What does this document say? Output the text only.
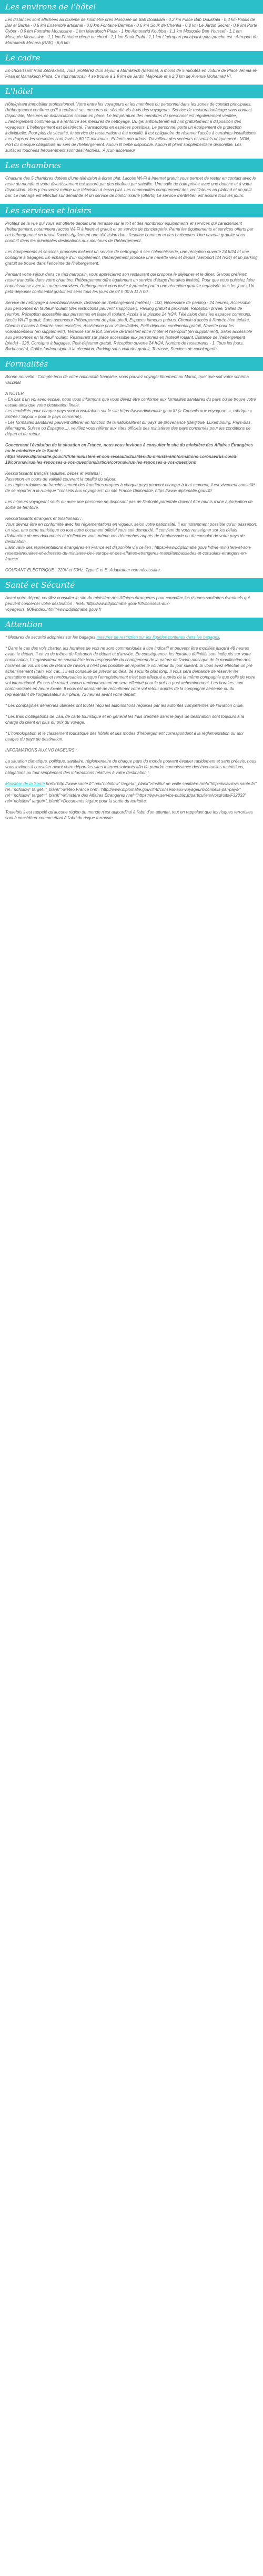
Les environs de l'hôtel

Les distances sont affichées au dixième de kilomètre près Mosquée de Bab Doukkala - 0,2 km Place Bab Doukkala - 0,3 km Palais de Dar el Bacha - 0,5 km Ensemble artisanal - 0,6 km Fontaine Berrima - 0,6 km Souk de Cherifia - 0,8 km Le Jardin Secret - 0,9 km Porte Cyber - 0,9 km Fontaine Mouassine - 1 km Marrakech Plaza - 1 km Almoravid Koubba - 1,1 km Mosquée Ben Youssef - 1,1 km Mosquée Mouassine - 1,1 km Fontaine chrob ou chouf - 1,1 km Souk Zrabi - 1,1 km L'aéroport principal le plus proche est : Aéroport de Marrakech Menara (RAK) - 6,6 km

Le cadre

En choisissant Riad Zebrakanis, vous profiterez d'un séjour à Marrakech (Médina), à moins de 5 minutes en voiture de Place Jemaa el-Fnaa et Marrakech Plaza. Ce riad marocain 4 se trouve à 1,9 km de Jardin Majorelle et à 2,3 km de Avenue Mohamed VI.

L'hôtel

Hôte/gérant immobilier professionnel. Votre entre les voyageurs et les membres du personnel dans les zones de contact principales, l'hébergement confirme qu'il a renforcé ses mesures de sécurité vis-à-vis des voyageurs. Service de restauration/étage sans contact disponible, Mesures de distanciation sociale en place, Le température des membres du personnel est régulièrement vérifiée, L'hébergement confirme qu'il a renforcé ses mesures de nettoyage, Du gel antibactérien est mis gratuitement à disposition des voyageurs, L'hébergement est désinfecté, Transactions en espèces possibles. Le personnel porte un équipement de protection individuelle. Pour plus de sécurité, le service de restauration a été modifié. Il est obligatoire de réserver l'accès à certaines installations. Les draps et les serviettes sont lavés à 60 °C minimum., Enfants non admis. Travailleur des secteurs essentiels uniquement - NON, Port du masque obligatoire au sein de l'hébergement. Aucun lit bébé disponible. Aucun lit pliant supplémentaire disponible. Les surfaces touchées fréquemment sont désinfectées., Aucun ascenseur

Les chambres

Chacune des 5 chambres dotées d'une télévision à écran plat. Laccès Wi-Fi à Internet gratuit vous permet de rester en contact avec le reste du monde et votre divertissement est assuré par des chaînes par satellite. Une salle de bain privée avec une douche et à votre disposition. Vous y trouverez même une télévision à écran plat. Les commodités comprennent des ventilateurs au plafond et un petit bar. Le ménage est effectué sur demande et un service de blanchisserie (offerts) Le service d'entretien est assuré tous les jours.

Les services et loisirs

Profitez de la vue qui vous est offerte depuis une terrasse sur le toit et des nombreux équipements et services qui caractérisent l'hébergement, notamment l'accès Wi-Fi à Internet gratuit et un service de conciergerie. Parmi les équipements et services offerts par cet hébergement on trouve l'accès également une télévision dans l'espace commun et des barbecues. Une navette gratuite vous conduit dans les principales destinations aux alentours de l'hébergement.

Les équipements et services proposés incluent un service de nettoyage à sec / blanchisserie, une réception ouverte 24 h/24 et une consigne à bagages. En échange d'un supplément, l'hébergement propose une navette vers et depuis l'aéroport (24 h/24) et un parking gratuit se trouve dans l'enceinte de l'hébergement.

Pendant votre séjour dans ce riad marocain, vous apprécierez son restaurant qui propose le déjeuner et le dîner. Si vous préférez rester tranquille dans votre chambre, l'hébergement offre également un service d'étage (horaires limités). Pour que vous puissiez faire connaissance avec les autres convives, l'hébergement vous invite à prendre part à une réception gratuite organisée tous les jours. Un petit-déjeuner continental gratuit est servi tous les jours de 07 h 00 à 11 h 00.

Service de nettoyage à sec/blanchisserie, Distance de l'hébergement (mètres) - 100, Nécessaire de parking - 24 heures, Accessible aux personnes en fauteuil roulant (des restrictions peuvent s'appliquer), Parking gratuit à proximité, Réception privée, Salles de réunion, Réception accessible aux personnes en fauteuil roulant, Accès à la piscine 24 h/24, Télévision dans les espaces communs, Accès Wi-Fi gratuit, Sans ascenseur (hébergement de plain-pied), Espaces fumeurs prévus, Chemin d'accès à l'entrée bien éclairé, Chemin d'accès à l'entrée sans escaliers, Assistance pour visites/billets, Petit-déjeuner continental gratuit, Navette pour les vols/ascenseur (en supplément), Terrasse sur le toit, Service de transfert entre l'hôtel et l'aéroport (en supplément), Salon accessible aux personnes en fauteuil roulant, Restaurant sur place accessible aux personnes en fauteuil roulant, Distance de l'hébergement (pieds) - 328, Consigne à bagages, Petit-déjeuner gratuit, Réception ouverte 24 h/24, Nombre de restaurants - 1, Tous les jours, Barbecue(s), Coffre-fort/consigne à la réception, Parking sans voiturier gratuit, Terrasse, Services de conciergerie

Formalités

Bonne nouvelle : Compte tenu de votre nationalité française, vous pouvez voyager librement au Maroc, quel que soit votre schéma vaccinal.

A NOTER
- En cas d'un vol avec escale, nous vous informons que vous devez être conforme aux formalités sanitaires du pays où se trouve votre escale ainsi que votre destination finale.
Les modalités pour chaque pays sont consultables sur le site https://www.diplomatie.gouv.fr/ (« Conseils aux voyageurs », rubrique « Entrée / Séjour » pour le pays concerné).
- Les formalités sanitaires peuvent différer en fonction de la nationalité et du pays de provenance (Belgique, Luxembourg, Pays-Bas, Allemagne, Suisse ou Espagne...), veuillez vous référer aux sites officiels des ministères des pays concernés pour les conditions de départ et de retour.

Concernant l'évolution de la situation en France, nous vous invitons à consulter le site du ministère des Affaires Étrangères ou le ministère de la Santé :
https://www.diplomatie.gouv.fr/fr/le-ministere-et-son-reseau/actualites-du-ministere/informations-coronavirus-covid-19/coronavirus-les-reponses-a-vos-questions/article/coronavirus-les-reponses-a-vos-questions

Ressortissants français (adultes, bébés et enfants) :
Passeport en cours de validité couvrant la totalité du séjour.
Les règles relatives au franchissement des frontières propres à chaque pays peuvent changer à tout moment, il est vivement conseillé de se reporter à la rubrique "conseils aux voyageurs" du site France Diplomatie, https://www.diplomatie.gouv.fr/

Les mineurs voyageant seuls ou avec une personne ne disposant pas de l'autorité parentale doivent être munis d'une autorisation de sortie de territoire.

Ressortissants étrangers et binationaux :
Vous devrez être en conformité avec les réglementations en vigueur, selon votre nationalité. Il est notamment possible qu'un passeport, un visa, une carte touristique ou tout autre document officiel vous soit demandé. Il convient de vous renseigner sur les délais d'obtention de ces documents et d'effectuer vous-même vos démarches auprès de l'ambassade ou du consulat de votre pays de destination.
L'annuaire des représentations étrangères en France est disponible via ce lien : https://www.diplomatie.gouv.fr/fr/le-ministere-et-son-reseau/annuaires-et-adresses-du-ministere-de-l-europe-et-des-affaires-etrangeres-maedi/ambassades-et-consulats-etrangers-en-france/

COURANT ELECTRIQUE : 220V et 50Hz. Type C et E. Adaptateur non nécessaire.

Santé et Sécurité

Avant votre départ, veuillez consulter le site du ministère des Affaires étrangères pour connaître les risques sanitaires éventuels qui peuvent concerner votre destination : href="http://www.diplomatie.gouv.fr/fr/conseils-aux-voyageurs_909/index.html">www.diplomatie.gouv.fr

Attention

* Mesures de sécurité adoptées sur les bagages mesures de restriction sur les liquides contenus dans les bagages.

* Dans le cas des vols charter, les horaires de vols ne sont communiqués à titre indicatif et peuvent être modifiés jusqu'à 48 heures avant le départ. Il en va de même de l'aéroport de départ et d'arrivée. En conséquence, les horaires définitifs sont indiqués sur votre convocation. L'organisateur ne saurait être tenu responsable du changement de la nature de l'avion ainsi que de la modification des horaires de vol. En cas de retard de l'avion, il n'est pas possible de reporter le vol retour du jour suivant. Si vous avez effectué un pré acheminement (train, vol, car...) il est conseillé de prévoir un délai de sécurité plus long. Il vous sera demandé de réserver les prestations modifiables et remboursables lorsque l'enregistrement n'est pas effectué auprès de la même compagnie que celle de votre vol international. En cas de retard, aucun remboursement ne sera effectué pour le pré ou post acheminement. Les horaires sont communiqués en heure locale. Il vous est demandé de reconfirmer votre vol retour auprès de la compagnie aérienne ou du représentant de l'organisateur sur place, 72 heures avant votre départ.

* Les compagnies aériennes utilisées ont toutes reçu les autorisations requises par les autorités compétentes de l'aviation civile.

* Les frais d'obligations de visa, de carte touristique et en général les frais d'entrée dans le pays de destination sont toujours à la charge du client en plus du prix du voyage.

* L'homologation et le classement touristique des hôtels et des modes d'hébergement correspondent à la réglementation ou aux usages du pays de destination.

INFORMATIONS AUX VOYAGEURS :

La situation climatique, politique, sanitaire, réglementaire de chaque pays du monde pouvant évoluer rapidement et sans préavis, nous vous invitons à consulter avant votre départ les sites Internet suivants afin de prendre connaissance des éventuelles restrictions, obligations ou tout simplement des informations relatives à votre destination :

Ministère de la Santé href="http://www.sante.fr" rel="nofollow" target="_blank">Institut de veille sanitaire href="http://www.invs.sante.fr/" rel="nofollow" target="_blank">Météo France href="http://www.diplomatie.gouv.fr/fr/conseils-aux-voyageurs/conseils-par-pays/" rel="nofollow" target="_blank">Ministère des Affaires Étrangères href="https://www.service-public.fr/particuliers/vosdroits/F32833" rel="nofollow" target="_blank">Documents légaux pour la sortie du territoire.

Toutefois il est rappelé qu'aucune région du monde n'est aujourd'hui à l'abri d'un attentat, tout en rappelant que les risques terroristes sont à considérer comme étant à l'abri du risque terroriste.
